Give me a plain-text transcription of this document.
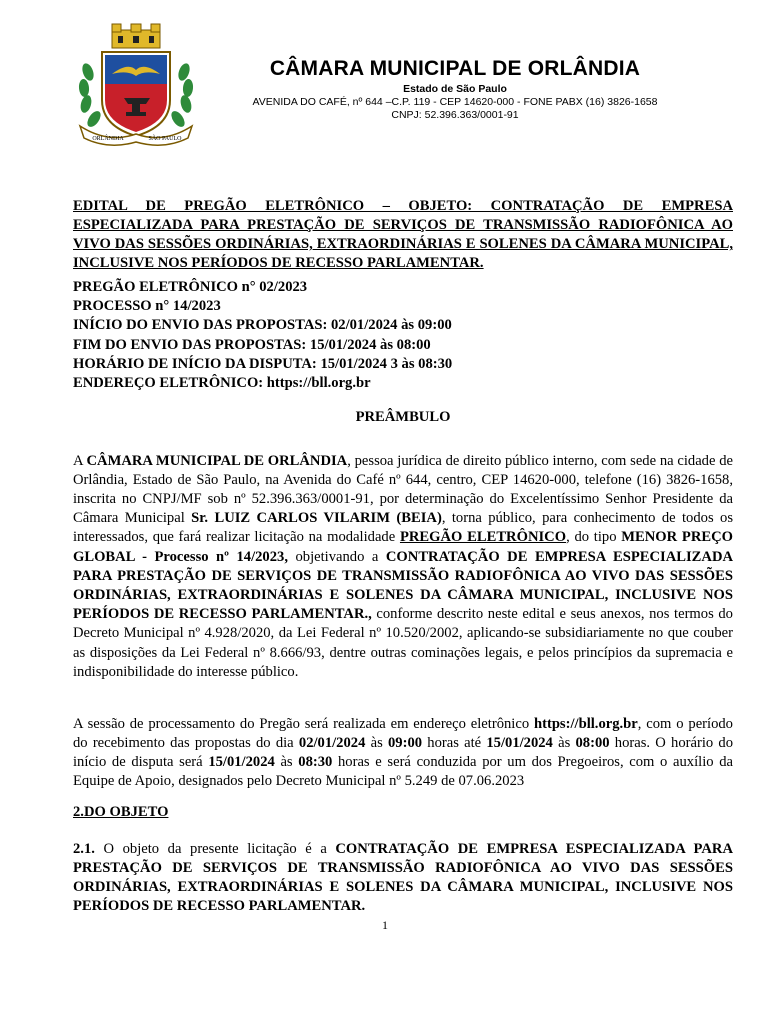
ORLÂNDIA	SÃO PAULO
CÂMARA MUNICIPAL DE ORLÂNDIA
Estado de São Paulo
AVENIDA DO CAFÉ, nº 644 –C.P. 119 - CEP 14620-000 - FONE PABX (16) 3826-1658
CNPJ: 52.396.363/0001-91

EDITAL DE PREGÃO ELETRÔNICO – OBJETO: CONTRATAÇÃO DE EMPRESA ESPECIALIZADA PARA PRESTAÇÃO DE SERVIÇOS DE TRANSMISSÃO RADIOFÔNICA AO VIVO DAS SESSÕES ORDINÁRIAS, EXTRAORDINÁRIAS E SOLENES DA CÂMARA MUNICIPAL, INCLUSIVE NOS PERÍODOS DE RECESSO PARLAMENTAR.

PREGÃO ELETRÔNICO n° 02/2023
PROCESSO n° 14/2023
INÍCIO DO ENVIO DAS PROPOSTAS: 02/01/2024 às 09:00
FIM DO ENVIO DAS PROPOSTAS: 15/01/2024 às 08:00
HORÁRIO DE INÍCIO DA DISPUTA: 15/01/2024 3 às 08:30
ENDEREÇO ELETRÔNICO: https://bll.org.br
PREÂMBULO

A CÂMARA MUNICIPAL DE ORLÂNDIA, pessoa jurídica de direito público interno, com sede na cidade de Orlândia, Estado de São Paulo, na Avenida do Café nº 644, centro, CEP 14620-000, telefone (16) 3826-1658, inscrita no CNPJ/MF sob nº 52.396.363/0001-91, por determinação do Excelentíssimo Senhor Presidente da Câmara Municipal Sr. LUIZ CARLOS VILARIM (BEIA), torna público, para conhecimento de todos os interessados, que fará realizar licitação na modalidade PREGÃO ELETRÔNICO, do tipo MENOR PREÇO GLOBAL - Processo nº 14/2023, objetivando a CONTRATAÇÃO DE EMPRESA ESPECIALIZADA PARA PRESTAÇÃO DE SERVIÇOS DE TRANSMISSÃO RADIOFÔNICA AO VIVO DAS SESSÕES ORDINÁRIAS, EXTRAORDINÁRIAS E SOLENES DA CÂMARA MUNICIPAL, INCLUSIVE NOS PERÍODOS DE RECESSO PARLAMENTAR., conforme descrito neste edital e seus anexos, nos termos do Decreto Municipal nº 4.928/2020, da Lei Federal nº 10.520/2002, aplicando-se subsidiariamente no que couber as disposições da Lei Federal nº 8.666/93, dentre outras cominações legais, e pelos princípios da supremacia e indisponibilidade do interesse público.

A sessão de processamento do Pregão será realizada em endereço eletrônico https://bll.org.br, com o período do recebimento das propostas do dia 02/01/2024 às 09:00 horas até 15/01/2024 às 08:00 horas. O horário do início de disputa será 15/01/2024 às 08:30 horas e será conduzida por um dos Pregoeiros, com o auxílio da Equipe de Apoio, designados pelo Decreto Municipal nº 5.249 de 07.06.2023

2.DO OBJETO

2.1. O objeto da presente licitação é a CONTRATAÇÃO DE EMPRESA ESPECIALIZADA PARA PRESTAÇÃO DE SERVIÇOS DE TRANSMISSÃO RADIOFÔNICA AO VIVO DAS SESSÕES ORDINÁRIAS, EXTRAORDINÁRIAS E SOLENES DA CÂMARA MUNICIPAL, INCLUSIVE NOS PERÍODOS DE RECESSO PARLAMENTAR.

1
